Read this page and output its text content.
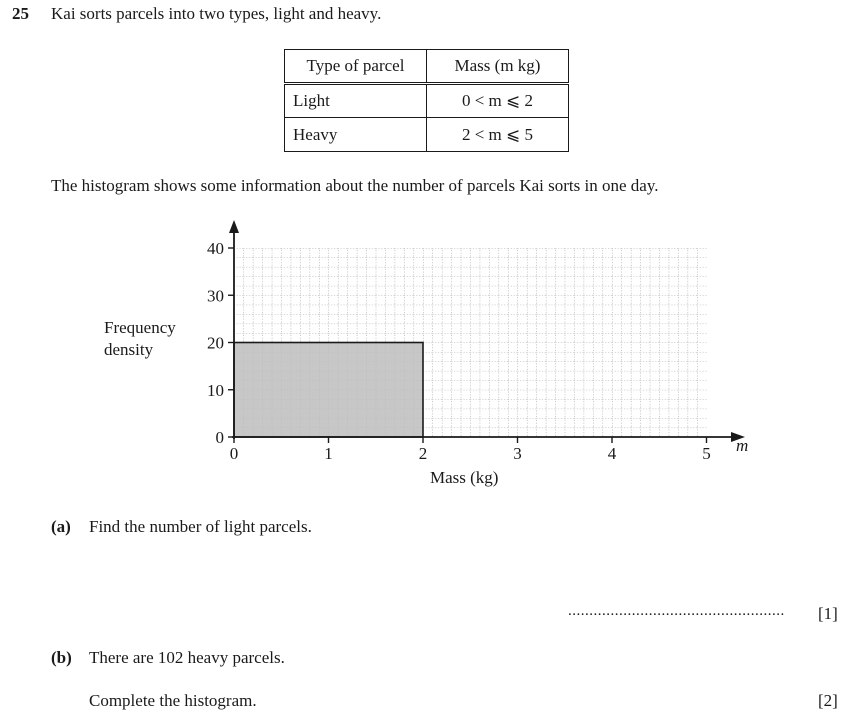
25 Kai sorts parcels into two types, light and heavy.
Type of parcel	Mass (m kg)
Light	0 < m ⩽ 2
Heavy	2 < m ⩽ 5
The histogram shows some information about the number of parcels Kai sorts in one day.
Frequency
density
0
10
20
30
40
0	1	2	3	4	5 m
Mass (kg)
(a) Find the number of light parcels.
................................................... [1]
(b) There are 102 heavy parcels.
Complete the histogram.	[2]
